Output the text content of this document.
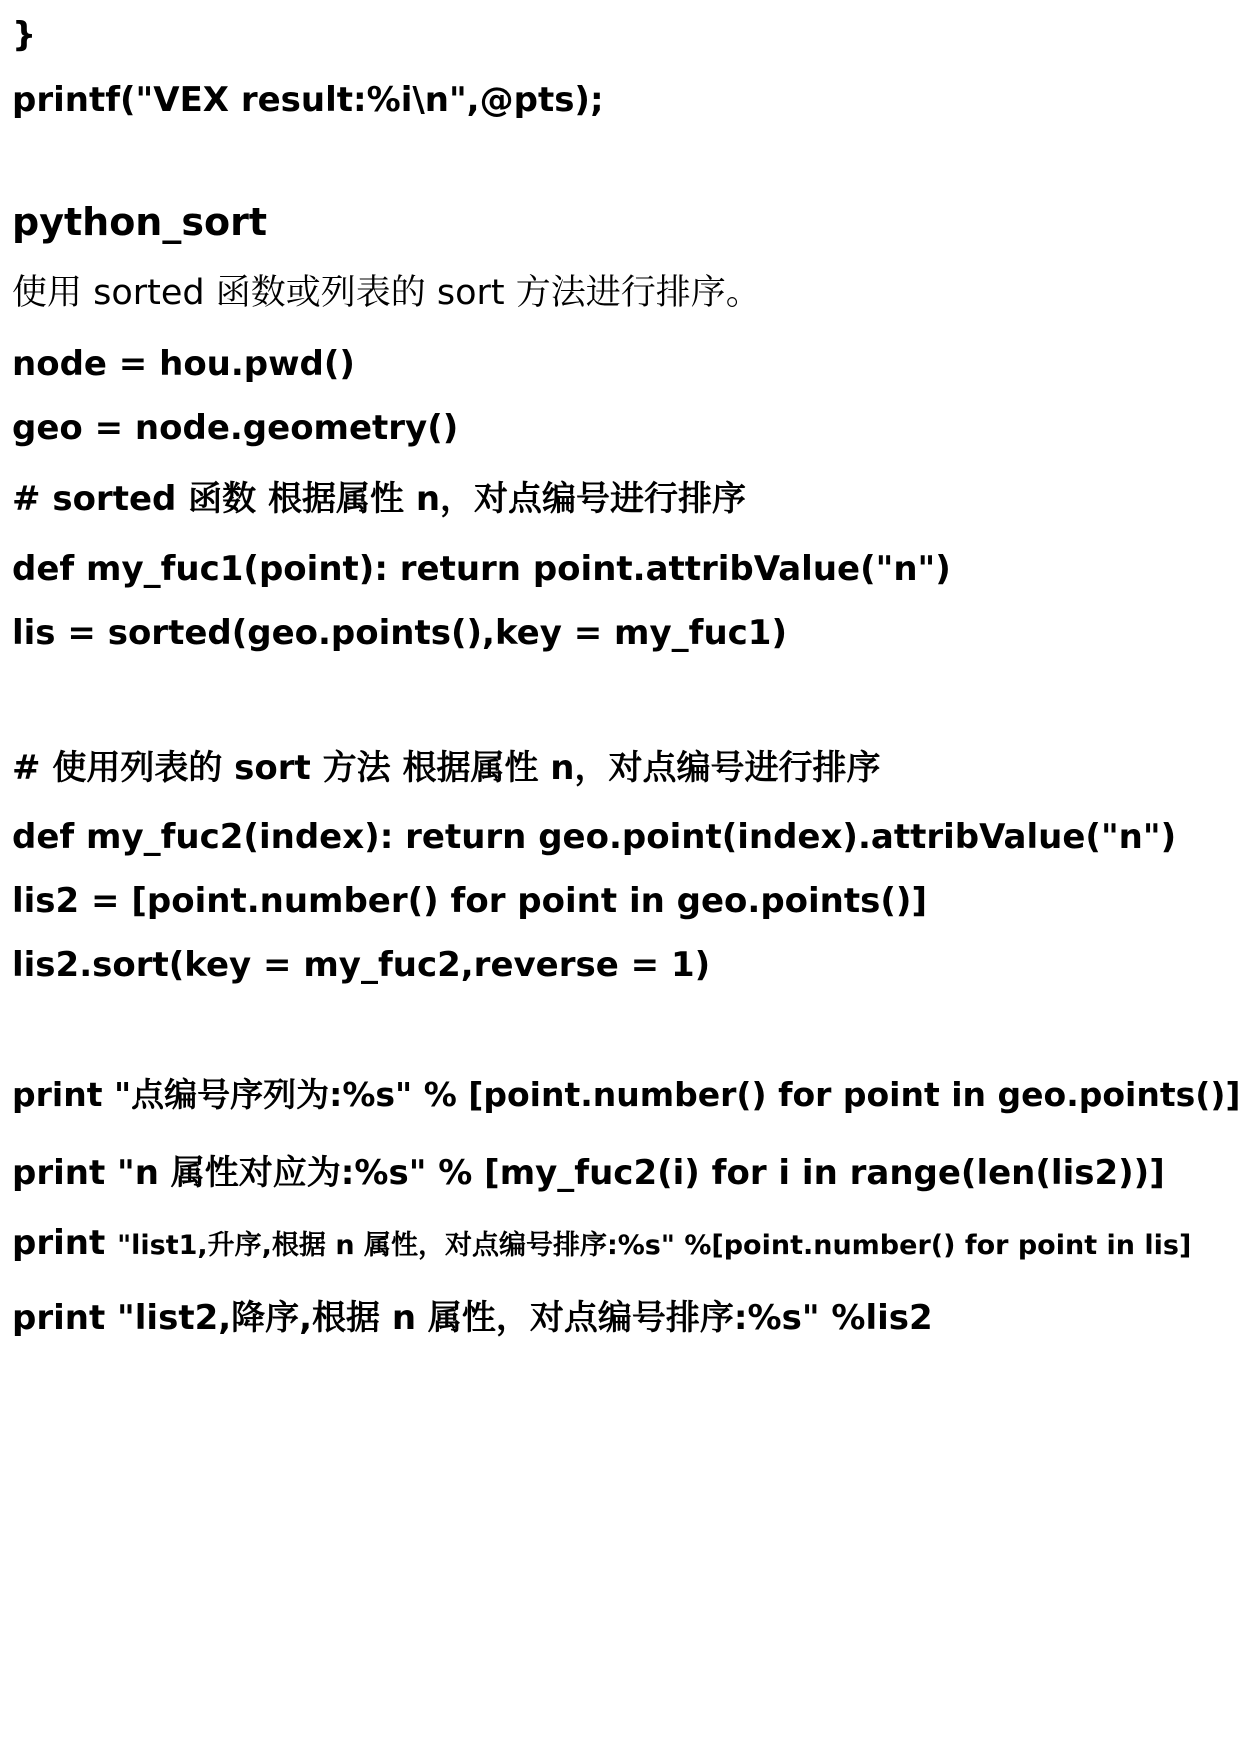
}
printf("VEX result:%i\n",@pts);
python_sort
使用 sorted 函数或列表的 sort 方法进行排序。
node = hou.pwd()
geo = node.geometry()
# sorted 函数 根据属性 n，对点编号进行排序
def my_fuc1(point): return point.attribValue("n")
lis = sorted(geo.points(),key = my_fuc1)
# 使用列表的 sort 方法 根据属性 n，对点编号进行排序
def my_fuc2(index): return geo.point(index).attribValue("n")
lis2 = [point.number() for point in geo.points()]
lis2.sort(key = my_fuc2,reverse = 1)
print "点编号序列为:%s" % [point.number() for point in geo.points()]
print "n 属性对应为:%s" % [my_fuc2(i) for i in range(len(lis2))]
print "list1,升序,根据 n 属性，对点编号排序:%s" %[point.number() for point in lis]
print "list2,降序,根据 n 属性，对点编号排序:%s" %lis2
